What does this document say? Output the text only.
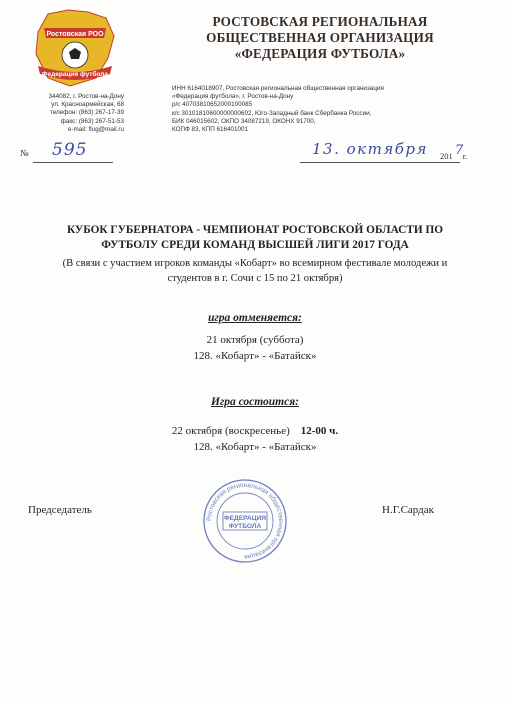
Ростовская РОО
Федерация футбола
РОСТОВСКАЯ РЕГИОНАЛЬНАЯ
ОБЩЕСТВЕННАЯ ОРГАНИЗАЦИЯ
«ФЕДЕРАЦИЯ ФУТБОЛА»
344082, г. Ростов-на-Дону
ул. Красноармейская, 68
телефон: (863) 267-17-39
факс: (863) 267-51-53
e-mail: flug@mail.ru
ИНН 6164018907, Ростовская региональная общественная организация
«Федерация футбола», г. Ростов-на-Дону
р/с 40703810652000100085
к/с 30101810600000000602, Юго-Западный банк Сбербанка России,
БИК 046015602, ОКПО 34087219, ОКОНХ 91700,
КОПФ 83, КПП 616401001
№ 595	13. октября 201 г.
7
КУБОК ГУБЕРНАТОРА - ЧЕМПИОНАТ РОСТОВСКОЙ ОБЛАСТИ ПО
ФУТБОЛУ СРЕДИ КОМАНД ВЫСШЕЙ ЛИГИ 2017 ГОДА
(В связи с участием игроков команды «Кобарт» во всемирном фестивале молодежи и
студентов в г. Сочи с 15 по 21 октября)
игра отменяется:
21 октября (суббота)
128. «Кобарт» - «Батайск»
Игра состоится:
22 октября (воскресенье) 12-00 ч.
128. «Кобарт» - «Батайск»
Председатель	Н.Г.Сардак
Ростовская региональная общественная организация
ФЕДЕРАЦИЯ
ФУТБОЛА
